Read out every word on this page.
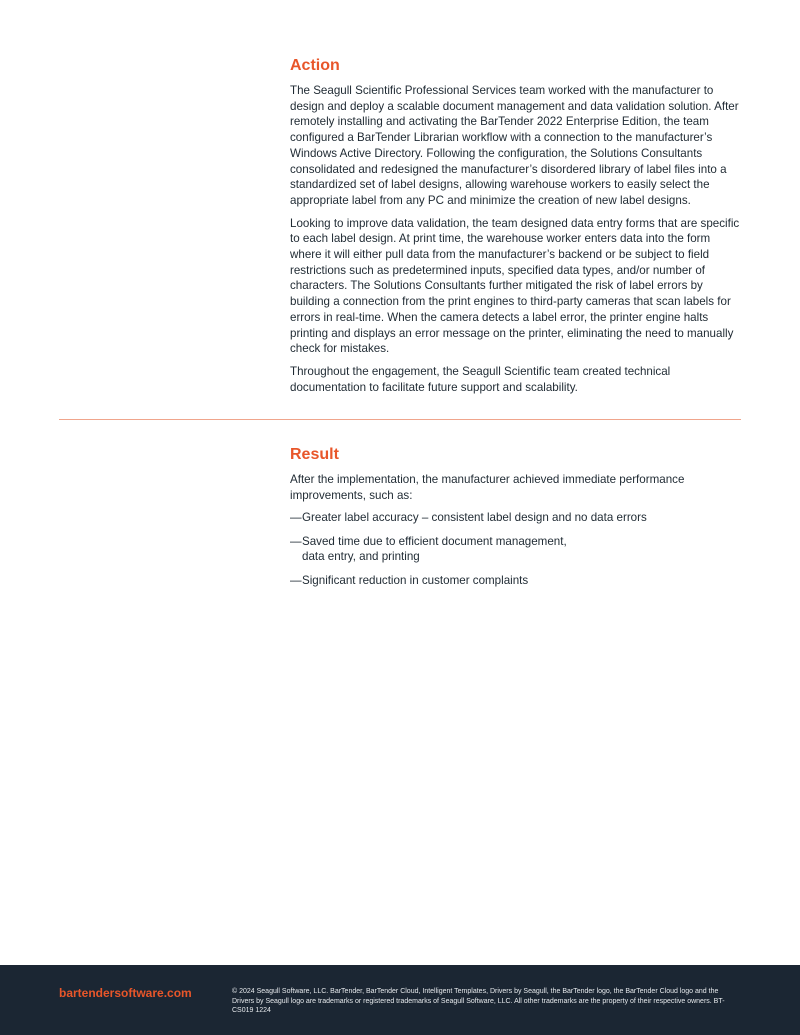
Action

The Seagull Scientific Professional Services team worked with the manufacturer to design and deploy a scalable document management and data validation solution. After remotely installing and activating the BarTender 2022 Enterprise Edition, the team configured a BarTender Librarian workflow with a connection to the manufacturer’s Windows Active Directory. Following the configuration, the Solutions Consultants consolidated and redesigned the manufacturer’s disordered library of label files into a standardized set of label designs, allowing warehouse workers to easily select the appropriate label from any PC and minimize the creation of new label designs.

Looking to improve data validation, the team designed data entry forms that are specific to each label design. At print time, the warehouse worker enters data into the form where it will either pull data from the manufacturer’s backend or be subject to field restrictions such as predetermined inputs, specified data types, and/or number of characters. The Solutions Consultants further mitigated the risk of label errors by building a connection from the print engines to third-party cameras that scan labels for errors in real-time. When the camera detects a label error, the printer engine halts printing and displays an error message on the printer, eliminating the need to manually check for mistakes.

Throughout the engagement, the Seagull Scientific team created technical documentation to facilitate future support and scalability.

Result

After the implementation, the manufacturer achieved immediate performance improvements, such as:

— Greater label accuracy – consistent label design and no data errors
— Saved time due to efficient document management, data entry, and printing
— Significant reduction in customer complaints
bartendersoftware.com	© 2024 Seagull Software, LLC. BarTender, BarTender Cloud, Intelligent Templates, Drivers by Seagull, the BarTender logo, the BarTender Cloud logo and the Drivers by Seagull logo are trademarks or registered trademarks of Seagull Software, LLC. All other trademarks are the property of their respective owners. BT-CS019 1224
